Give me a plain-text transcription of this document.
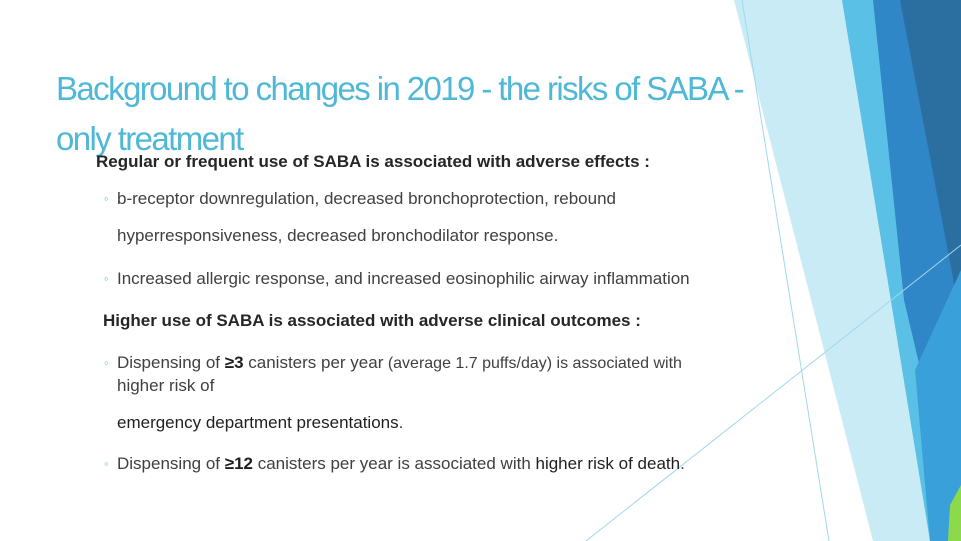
Background to changes in 2019 - the risks of SABA -only treatment
Regular or frequent use of SABA is associated with adverse effects :
◦ b-receptor downregulation, decreased bronchoprotection, rebound
hyperresponsiveness, decreased bronchodilator response.
◦ Increased allergic response, and increased eosinophilic airway inflammation
Higher use of SABA is associated with adverse clinical outcomes :
◦ Dispensing of ≥3 canisters per year (average 1.7 puffs/day) is associated with
higher risk of
emergency department presentations.
◦ Dispensing of ≥12 canisters per year is associated with higher risk of death.
